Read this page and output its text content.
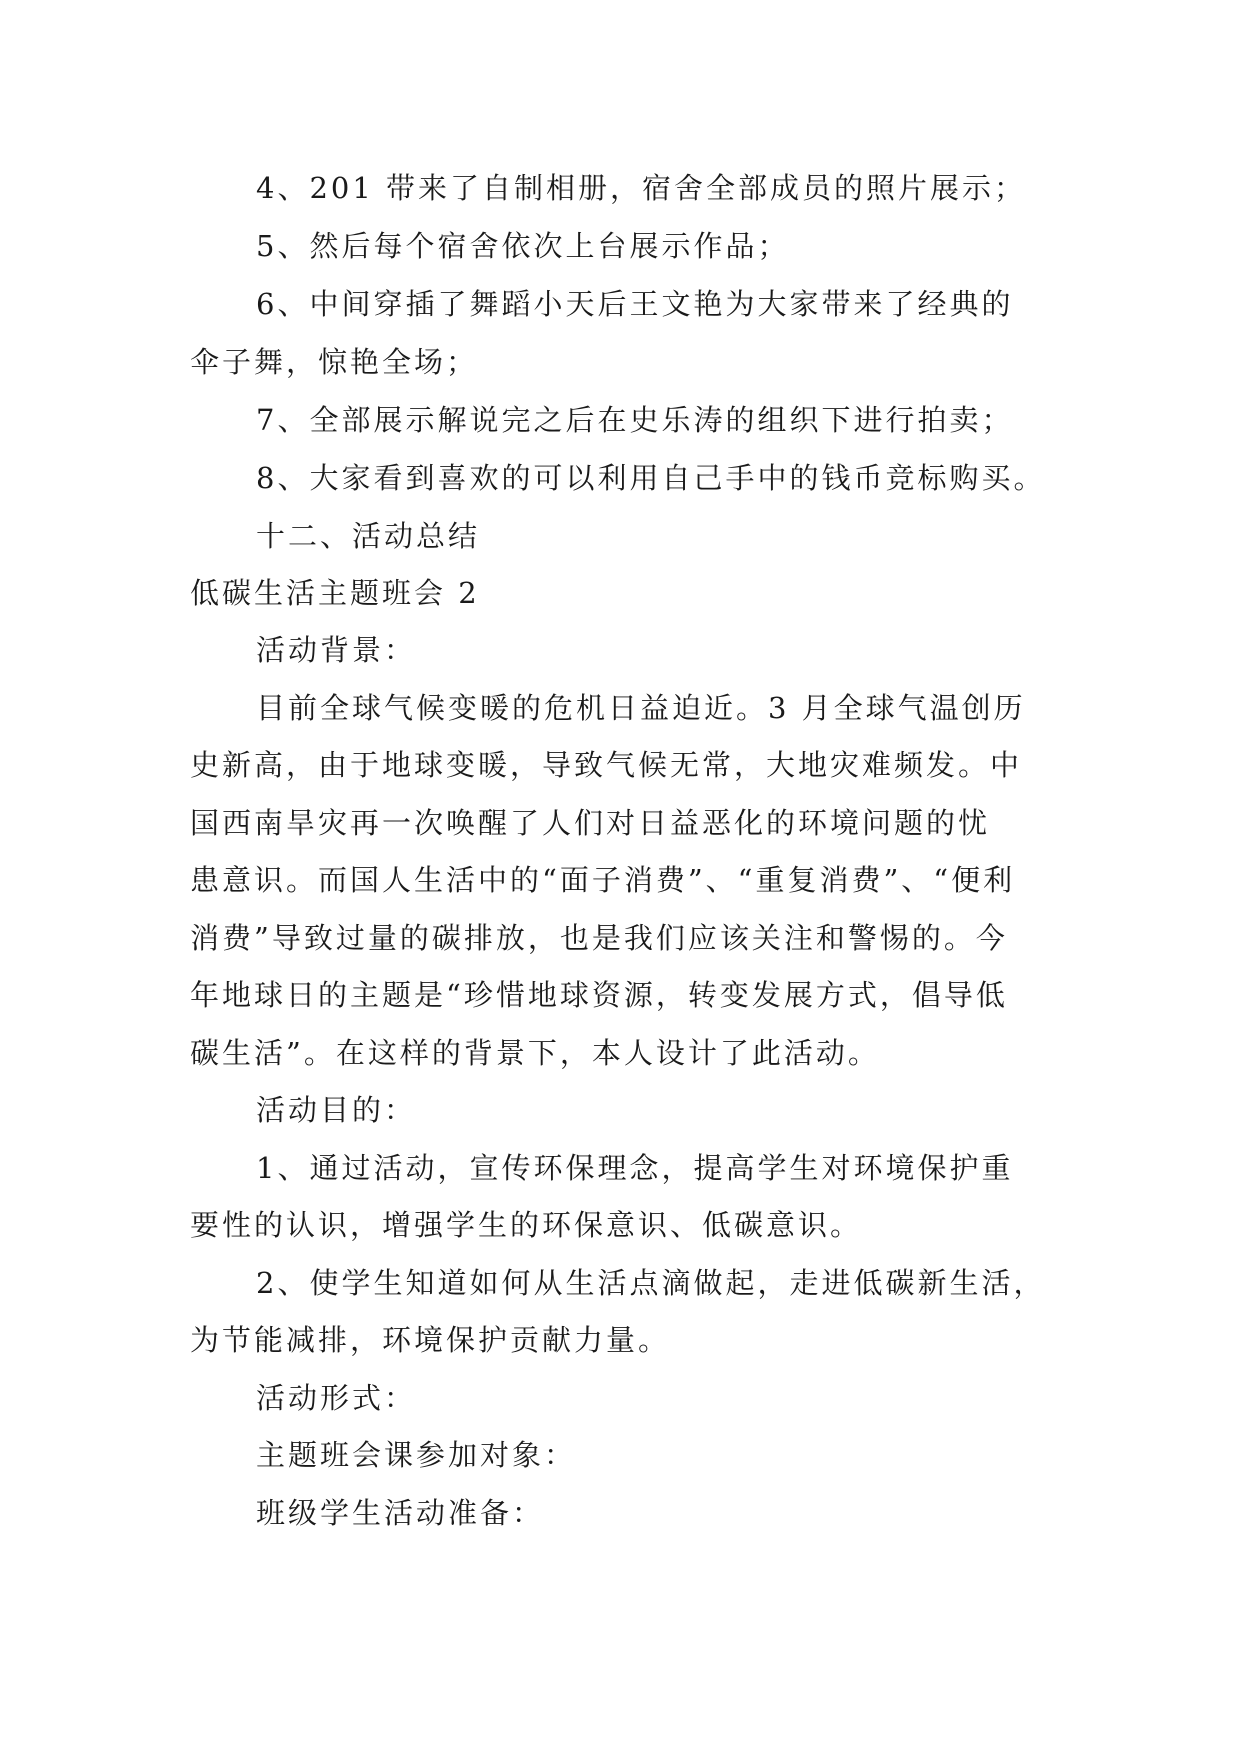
4、201 带来了自制相册，宿舍全部成员的照片展示；
5、然后每个宿舍依次上台展示作品；
6、中间穿插了舞蹈小天后王文艳为大家带来了经典的
伞子舞，惊艳全场；
7、全部展示解说完之后在史乐涛的组织下进行拍卖；
8、大家看到喜欢的可以利用自己手中的钱币竞标购买。
十二、活动总结
低碳生活主题班会 2
活动背景：
目前全球气候变暖的危机日益迫近。3 月全球气温创历
史新高，由于地球变暖，导致气候无常，大地灾难频发。中
国西南旱灾再一次唤醒了人们对日益恶化的环境问题的忧
患意识。而国人生活中的“面子消费”、“重复消费”、“便利
消费”导致过量的碳排放，也是我们应该关注和警惕的。今
年地球日的主题是“珍惜地球资源，转变发展方式，倡导低
碳生活”。在这样的背景下，本人设计了此活动。
活动目的：
1、通过活动，宣传环保理念，提高学生对环境保护重
要性的认识，增强学生的环保意识、低碳意识。
2、使学生知道如何从生活点滴做起，走进低碳新生活，
为节能减排，环境保护贡献力量。
活动形式：
主题班会课参加对象：
班级学生活动准备：
